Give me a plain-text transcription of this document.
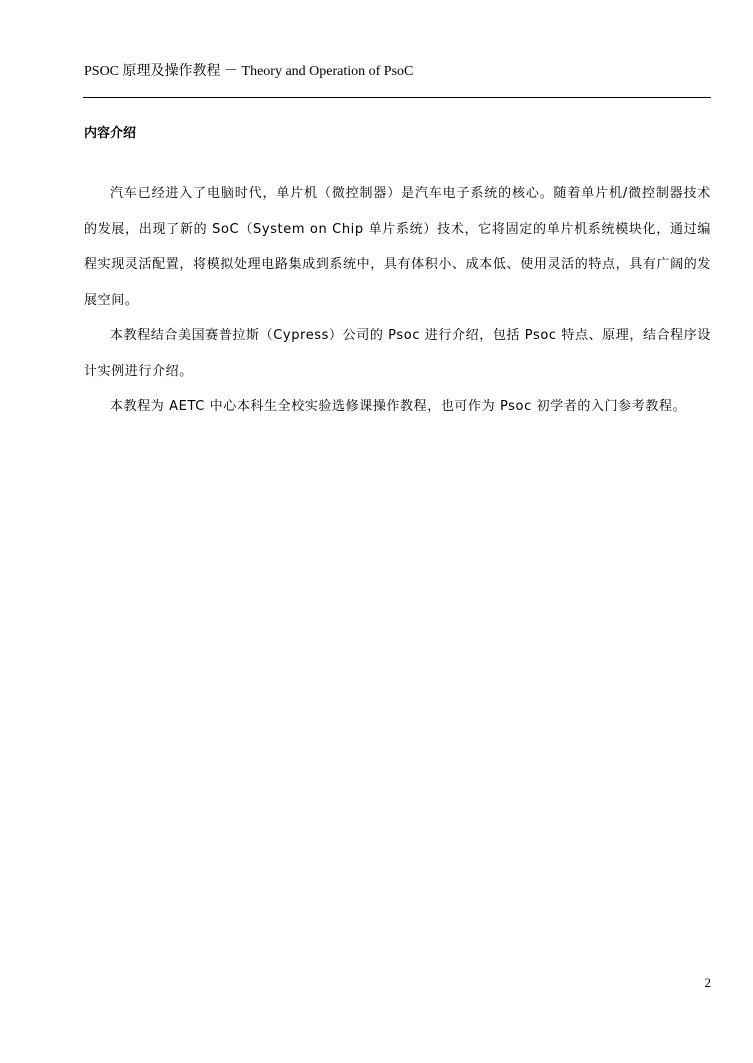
PSOC 原理及操作教程 － Theory and Operation of PsoC
内容介绍

汽车已经进入了电脑时代，单片机（微控制器）是汽车电子系统的核心。随着单片机/微控制器技术的发展，出现了新的 SoC（System on Chip 单片系统）技术，它将固定的单片机系统模块化，通过编程实现灵活配置，将模拟处理电路集成到系统中，具有体积小、成本低、使用灵活的特点，具有广阔的发展空间。

本教程结合美国赛普拉斯（Cypress）公司的 Psoc 进行介绍，包括 Psoc 特点、原理，结合程序设计实例进行介绍。

本教程为 AETC 中心本科生全校实验选修课操作教程，也可作为 Psoc 初学者的入门参考教程。

2
